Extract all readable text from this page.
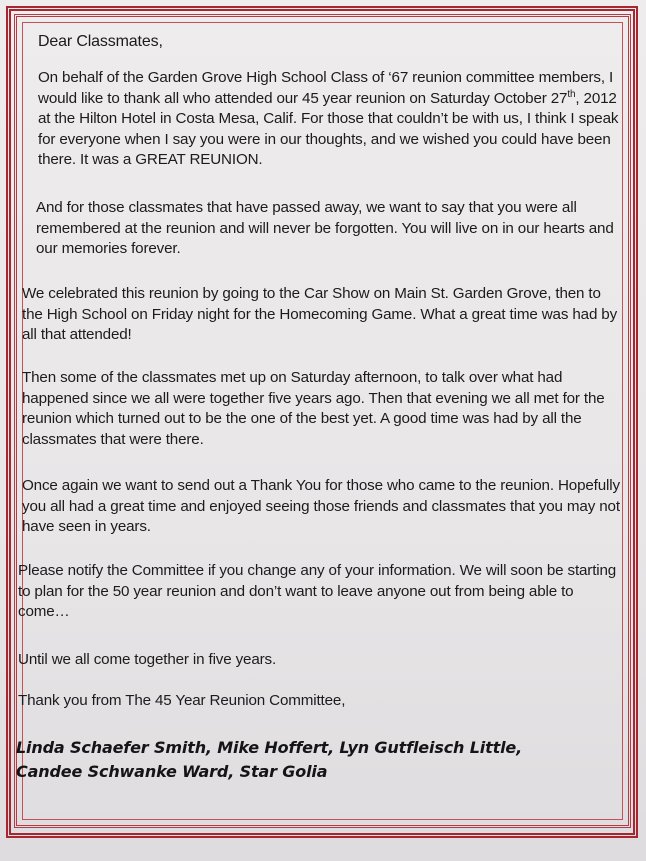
Dear Classmates,

On behalf of the Garden Grove High School Class of ‘67 reunion committee members, I would like to thank all who attended our 45 year reunion on Saturday October 27th, 2012 at the Hilton Hotel in Costa Mesa, Calif. For those that couldn’t be with us, I think I speak for everyone when I say you were in our thoughts, and we wished you could have been there. It was a GREAT REUNION.

And for those classmates that have passed away, we want to say that you were all remembered at the reunion and will never be forgotten. You will live on in our hearts and our memories forever.

We celebrated this reunion by going to the Car Show on Main St. Garden Grove, then to the High School on Friday night for the Homecoming Game. What a great time was had by all that attended!

Then some of the classmates met up on Saturday afternoon, to talk over what had happened since we all were together five years ago. Then that evening we all met for the reunion which turned out to be the one of the best yet. A good time was had by all the classmates that were there.

Once again we want to send out a Thank You for those who came to the reunion. Hopefully you all had a great time and enjoyed seeing those friends and classmates that you may not have seen in years.

Please notify the Committee if you change any of your information. We will soon be starting to plan for the 50 year reunion and don’t want to leave anyone out from being able to come…

Until we all come together in five years.

Thank you from The 45 Year Reunion Committee,

Linda Schaefer Smith, Mike Hoffert, Lyn Gutfleisch Little,
Candee Schwanke Ward, Star Golia
